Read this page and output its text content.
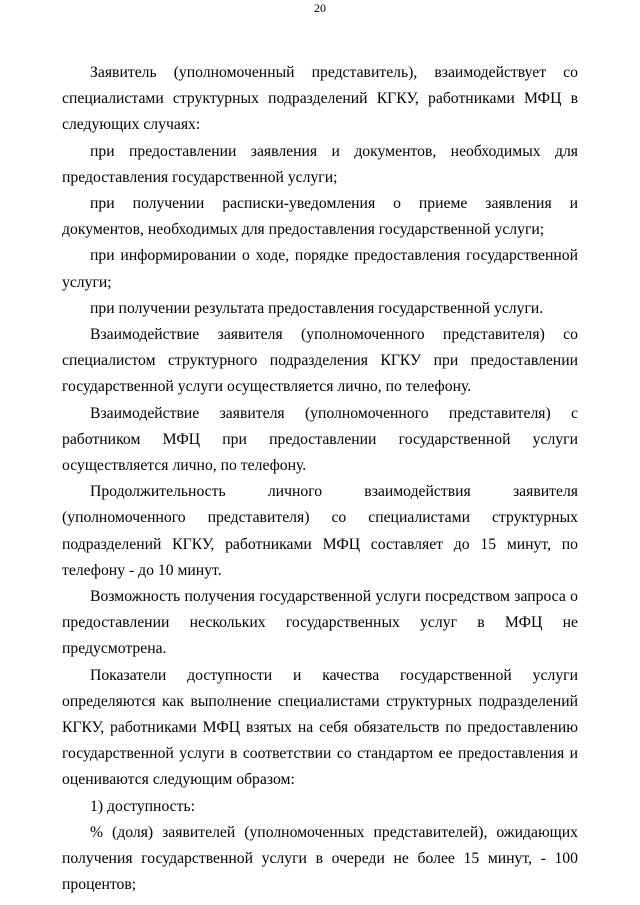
20

Заявитель (уполномоченный представитель), взаимодействует со специалистами структурных подразделений КГКУ, работниками МФЦ в следующих случаях:

при предоставлении заявления и документов, необходимых для предоставления государственной услуги;

при получении расписки-уведомления о приеме заявления и документов, необходимых для предоставления государственной услуги;

при информировании о ходе, порядке предоставления государственной услуги;

при получении результата предоставления государственной услуги.

Взаимодействие заявителя (уполномоченного представителя) со специалистом структурного подразделения КГКУ при предоставлении государственной услуги осуществляется лично, по телефону.

Взаимодействие заявителя (уполномоченного представителя) с работником МФЦ при предоставлении государственной услуги осуществляется лично, по телефону.

Продолжительность личного взаимодействия заявителя (уполномоченного представителя) со специалистами структурных подразделений КГКУ, работниками МФЦ составляет до 15 минут, по телефону - до 10 минут.

Возможность получения государственной услуги посредством запроса о предоставлении нескольких государственных услуг в МФЦ не предусмотрена.

Показатели доступности и качества государственной услуги определяются как выполнение специалистами структурных подразделений КГКУ, работниками МФЦ взятых на себя обязательств по предоставлению государственной услуги в соответствии со стандартом ее предоставления и оцениваются следующим образом:

1) доступность:

% (доля) заявителей (уполномоченных представителей), ожидающих получения государственной услуги в очереди не более 15 минут, - 100 процентов;
